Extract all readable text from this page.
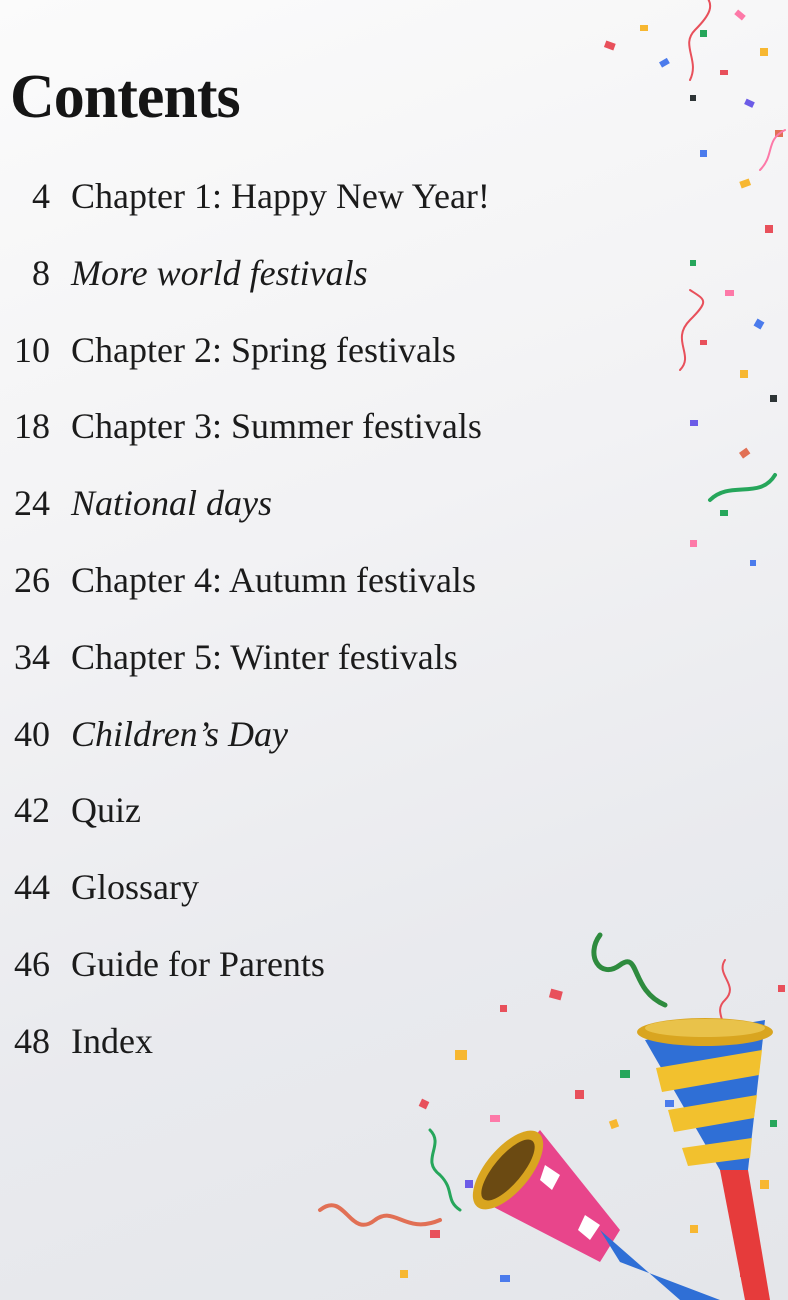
Contents
4 Chapter 1: Happy New Year!
8 More world festivals
10 Chapter 2: Spring festivals
18 Chapter 3: Summer festivals
24 National days
26 Chapter 4: Autumn festivals
34 Chapter 5: Winter festivals
40 Children’s Day
42 Quiz
44 Glossary
46 Guide for Parents
48 Index
